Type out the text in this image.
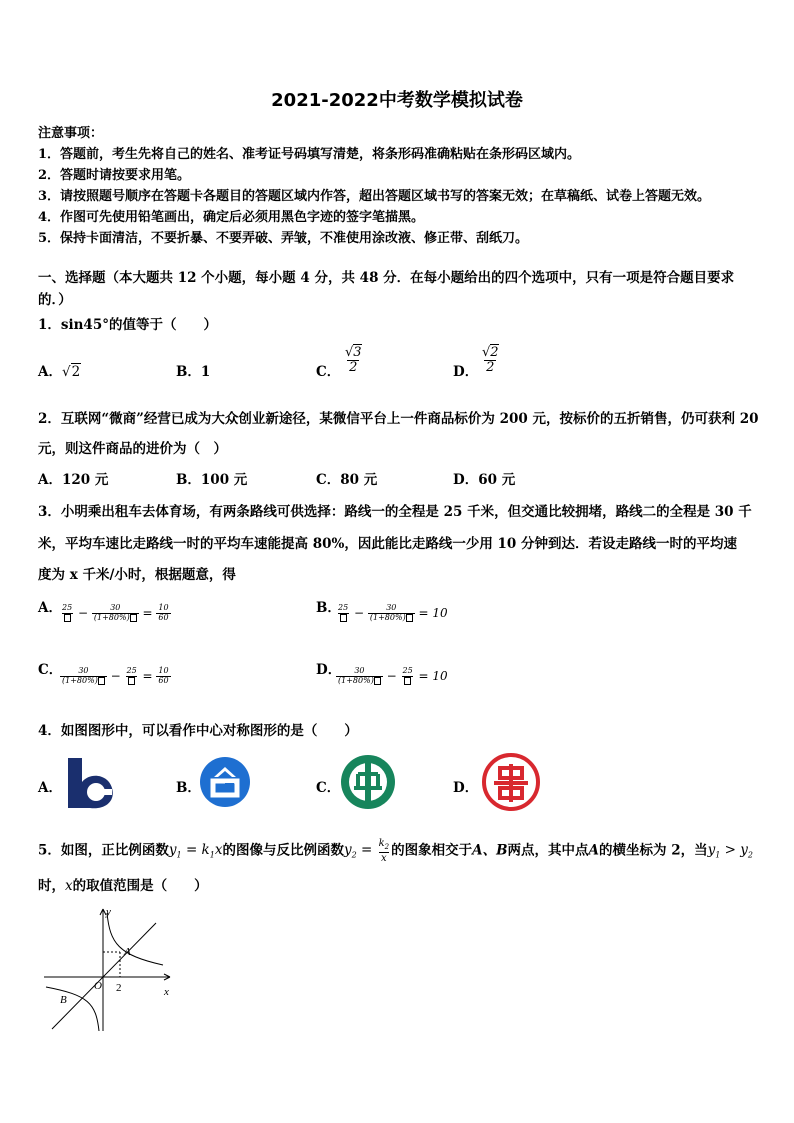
2021-2022中考数学模拟试卷
注意事项：
1．答题前，考生先将自己的姓名、准考证号码填写清楚，将条形码准确粘贴在条形码区域内。
2．答题时请按要求用笔。
3．请按照题号顺序在答题卡各题目的答题区域内作答，超出答题区域书写的答案无效；在草稿纸、试卷上答题无效。
4．作图可先使用铅笔画出，确定后必须用黑色字迹的签字笔描黑。
5．保持卡面清洁，不要折暴、不要弄破、弄皱，不准使用涂改液、修正带、刮纸刀。
一、选择题（本大题共 12 个小题，每小题 4 分，共 48 分．在每小题给出的四个选项中，只有一项是符合题目要求
的．）
1．sin45°的值等于（　　）
A．√2	B．1	C． $\frac{√3}{2}$	D． $\frac{√2}{2}$
2．互联网“微商”经营已成为大众创业新途径，某微信平台上一件商品标价为 200 元，按标价的五折销售，仍可获利 20
元，则这件商品的进价为（　）
A．120 元	B．100 元	C．80 元	D．60 元
3．小明乘出租车去体育场，有两条路线可供选择：路线一的全程是 25 千米，但交通比较拥堵，路线二的全程是 30 千
米，平均车速比走路线一时的平均车速能提高 80%，因此能比走路线一少用 10 分钟到达．若设走路线一时的平均速
度为 x 千米/小时，根据题意，得
A． $25 - \frac{30}{(1+80\%)} = \frac{10}{60}$	B．
$25 - \frac{30}{(1+80\%)} = 10$
C．
$\frac{30}{(1+80\%)} - 25 = \frac{10}{60}$	D．
$\frac{30}{(1+80\%)} - 25 = 10$
4．如图图形中，可以看作中心对称图形的是（　　）
A．	B．	C．	D．
5．如图，正比例函数$y_1 = k_1x$的图像与反比例函数$y_2 = \frac{k_2}{x}$ 的图象相交于A、B两点，其中点A的横坐标为 2，当$y_1 > y_2$
时，x的取值范围是（　　）
y
A
O 2	x
B
